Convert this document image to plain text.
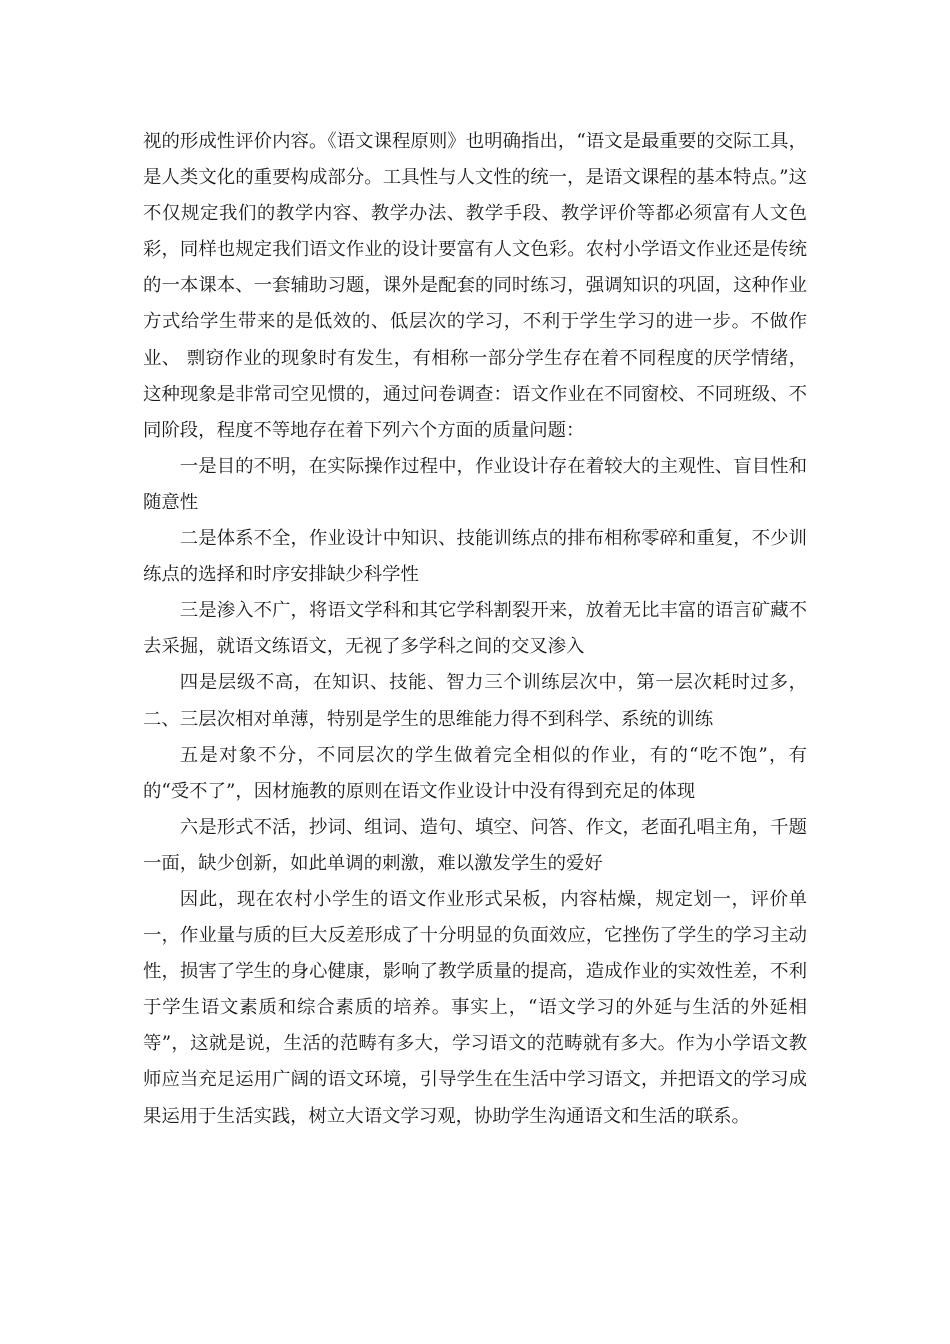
视的形成性评价内容。《语文课程原则》也明确指出，“语文是最重要的交际工具，是人类文化的重要构成部分。工具性与人文性的统一，是语文课程的基本特点。”这不仅规定我们的教学内容、教学办法、教学手段、教学评价等都必须富有人文色彩，同样也规定我们语文作业的设计要富有人文色彩。农村小学语文作业还是传统的一本课本、一套辅助习题，课外是配套的同时练习，强调知识的巩固，这种作业方式给学生带来的是低效的、低层次的学习，不利于学生学习的进一步。不做作业、 剽窃作业的现象时有发生，有相称一部分学生存在着不同程度的厌学情绪，这种现象是非常司空见惯的，通过问卷调查：语文作业在不同窗校、不同班级、不同阶段，程度不等地存在着下列六个方面的质量问题：

一是目的不明，在实际操作过程中，作业设计存在着较大的主观性、盲目性和随意性

二是体系不全，作业设计中知识、技能训练点的排布相称零碎和重复，不少训练点的选择和时序安排缺少科学性

三是渗入不广，将语文学科和其它学科割裂开来，放着无比丰富的语言矿藏不去采掘，就语文练语文，无视了多学科之间的交叉渗入

四是层级不高，在知识、技能、智力三个训练层次中，第一层次耗时过多，二、三层次相对单薄，特别是学生的思维能力得不到科学、系统的训练

五是对象不分，不同层次的学生做着完全相似的作业，有的“吃不饱”，有的“受不了”，因材施教的原则在语文作业设计中没有得到充足的体现

六是形式不活，抄词、组词、造句、填空、问答、作文，老面孔唱主角，千题一面，缺少创新，如此单调的刺激，难以激发学生的爱好

因此，现在农村小学生的语文作业形式呆板，内容枯燥，规定划一，评价单一，作业量与质的巨大反差形成了十分明显的负面效应，它挫伤了学生的学习主动性，损害了学生的身心健康，影响了教学质量的提高，造成作业的实效性差，不利于学生语文素质和综合素质的培养。事实上，“语文学习的外延与生活的外延相等”，这就是说，生活的范畴有多大，学习语文的范畴就有多大。作为小学语文教师应当充足运用广阔的语文环境，引导学生在生活中学习语文，并把语文的学习成果运用于生活实践，树立大语文学习观，协助学生沟通语文和生活的联系。
